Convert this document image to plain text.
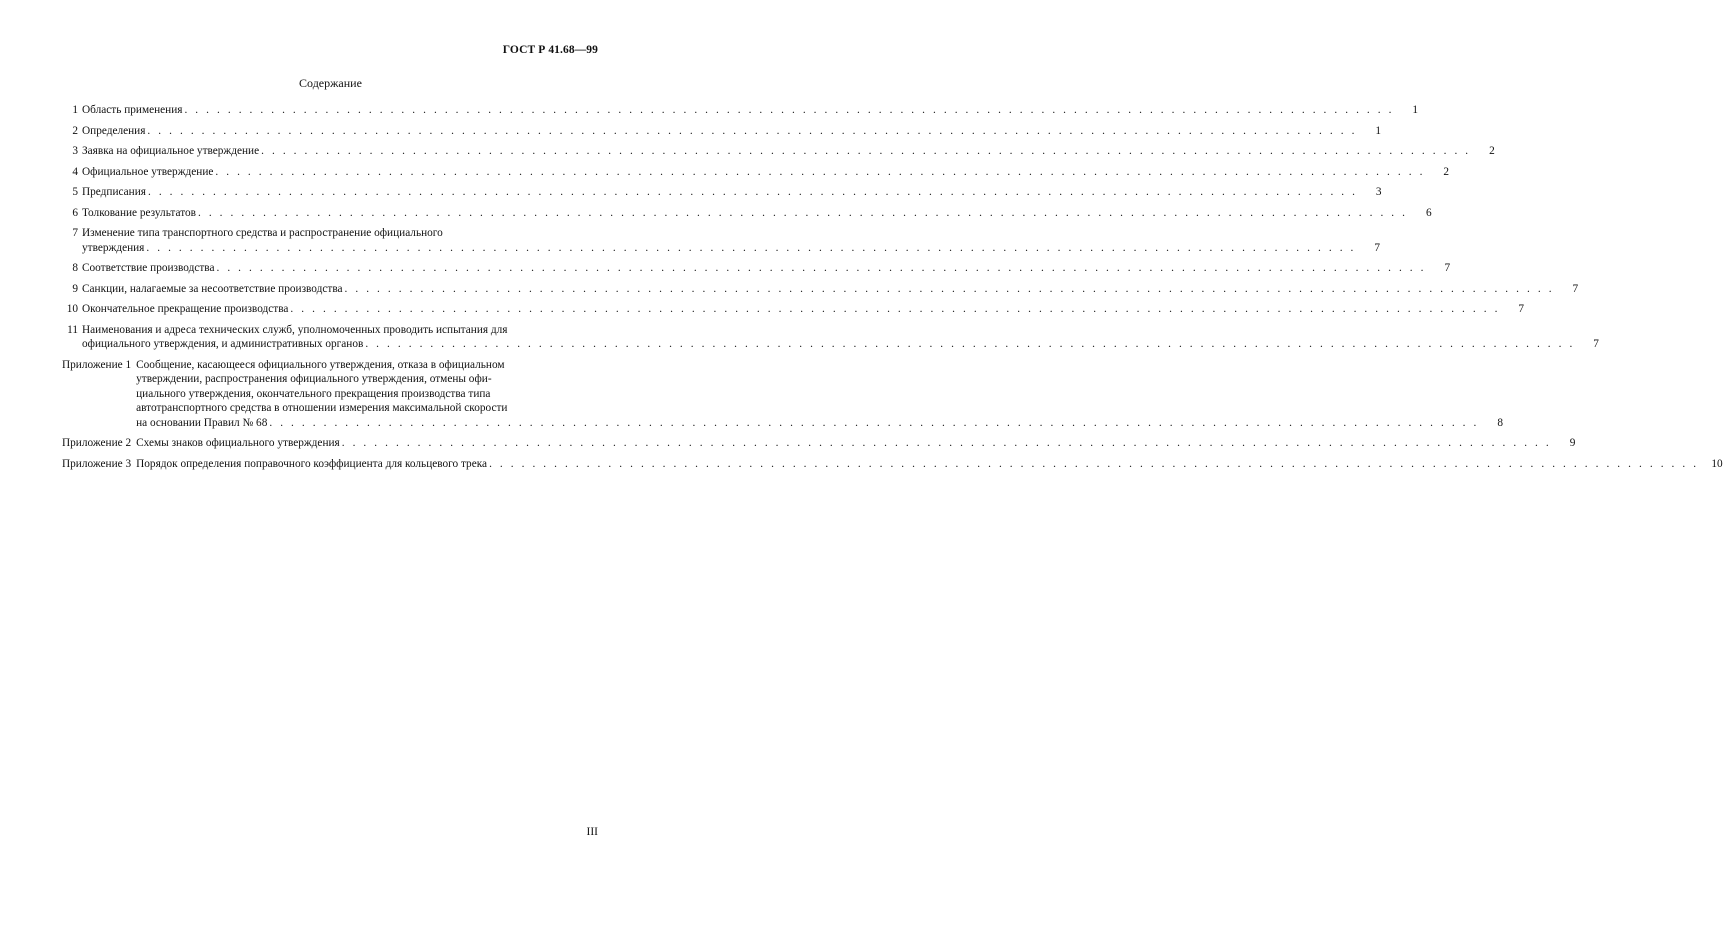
ГОСТ Р 41.68—99
Содержание
1 Область применения . . .	1
2 Определения . . .	1
3 Заявка на официальное утверждение . . .	2
4 Официальное утверждение . . .	2
5 Предписания . . .	3
6 Толкование результатов . . .	6
7 Изменение типа транспортного средства и распространение официального
утверждения . . .	7
8 Соответствие производства . . .	7
9 Санкции, налагаемые за несоответствие производства . . .	7
10 Окончательное прекращение производства . . .	7
11 Наименования и адреса технических служб, уполномоченных проводить испытания для
официального утверждения, и административных органов . . .	7
Приложение 1 Сообщение, касающееся официального утверждения, отказа в официальном
утверждении, распространения официального утверждения, отмены офи-
циального утверждения, окончательного прекращения производства типа
автотранспортного средства в отношении измерения максимальной скорости
на основании Правил № 68 . . .	8
Приложение 2 Схемы знаков официального утверждения . . .	9
Приложение 3 Порядок определения поправочного коэффициента для кольцевого трека . . .	10
III
